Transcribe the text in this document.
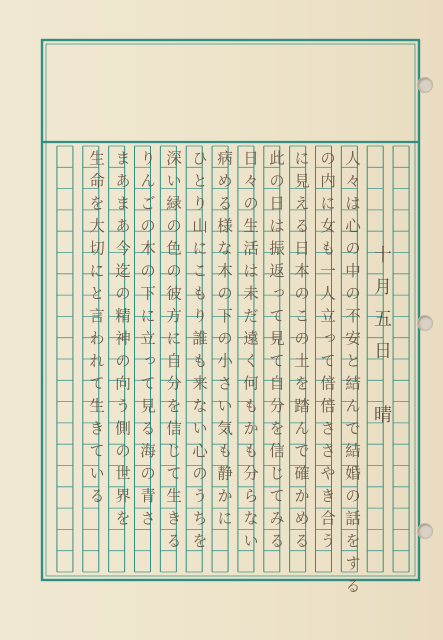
十月五日　晴
人々は心の中の不安と結んで結婚の話をする
の内に女も一人立って倍倍ささやき合う
に見える日本のこの土を踏んで確かめる
此の日は振返って見て自分を信じてみる
日々の生活は未だ遠く何もかも分らない
病める様な木の下の小さい気も静かに
ひとり山にこもり誰も来ない心のうちを
深い緑の色の彼方に自分を信じて生きる
りんごの木の下に立って見る海の青さ
まあまあ今迄の精神の向う側の世界を
生命を大切にと言われて生きている
